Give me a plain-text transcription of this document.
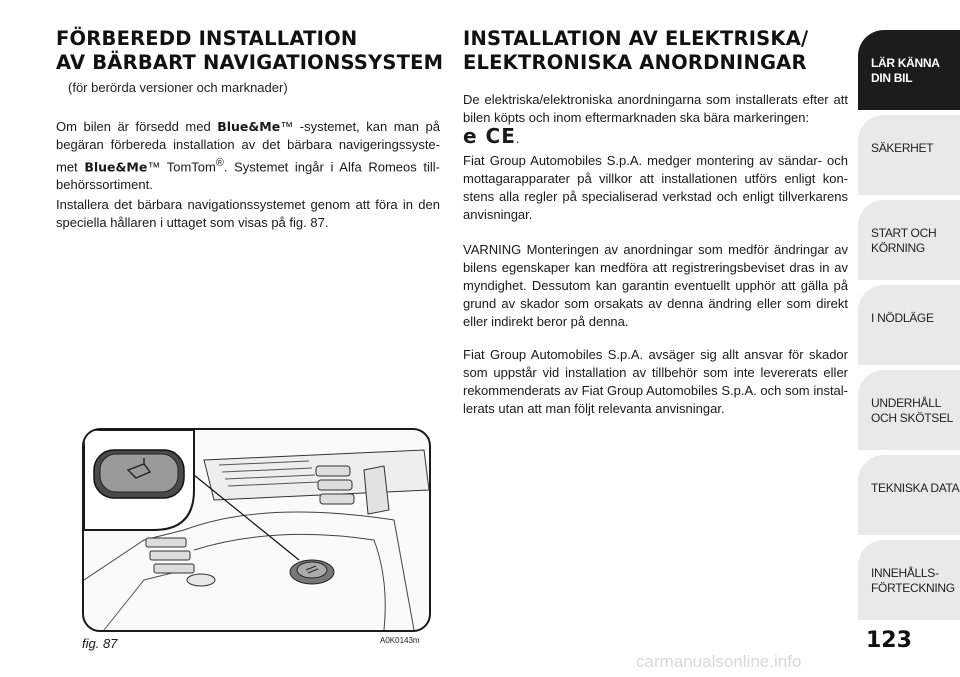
FÖRBEREDD INSTALLATION
AV BÄRBART NAVIGATIONSSYSTEM

(för berörda versioner och marknader)

Om bilen är försedd med Blue&Me™ -systemet, kan man på begäran förbereda installation av det bärbara navigeringssyste-met Blue&Me™ TomTom®. Systemet ingår i Alfa Romeos till-behörssortiment.

Installera det bärbara navigationssystemet genom att föra in den speciella hållaren i uttaget som visas på fig. 87.

fig. 87	A0K0143m
INSTALLATION AV ELEKTRISKA/
ELEKTRONISKA ANORDNINGAR

De elektriska/elektroniska anordningarna som installerats efter att bilen köpts och inom eftermarknaden ska bära markeringen:
e CE.

Fiat Group Automobiles S.p.A. medger montering av sändar- och mottagarapparater på villkor att installationen utförs enligt kon-stens alla regler på specialiserad verkstad och enligt tillverkarens anvisningar.

VARNING Monteringen av anordningar som medför ändringar av bilens egenskaper kan medföra att registreringsbeviset dras in av myndighet. Dessutom kan garantin eventuellt upphör att gälla på grund av skador som orsakats av denna ändring eller som direkt eller indirekt beror på denna.

Fiat Group Automobiles S.p.A. avsäger sig allt ansvar för skador som uppstår vid installation av tillbehör som inte levererats eller rekommenderats av Fiat Group Automobiles S.p.A. och som instal-lerats utan att man följt relevanta anvisningar.

LÄR KÄNNA
DIN BIL
SÄKERHET
START OCH
KÖRNING
I NÖDLÄGE
UNDERHÅLL
OCH SKÖTSEL
TEKNISKA DATA
INNEHÅLLS-
FÖRTECKNING
123
carmanualsonline.info
